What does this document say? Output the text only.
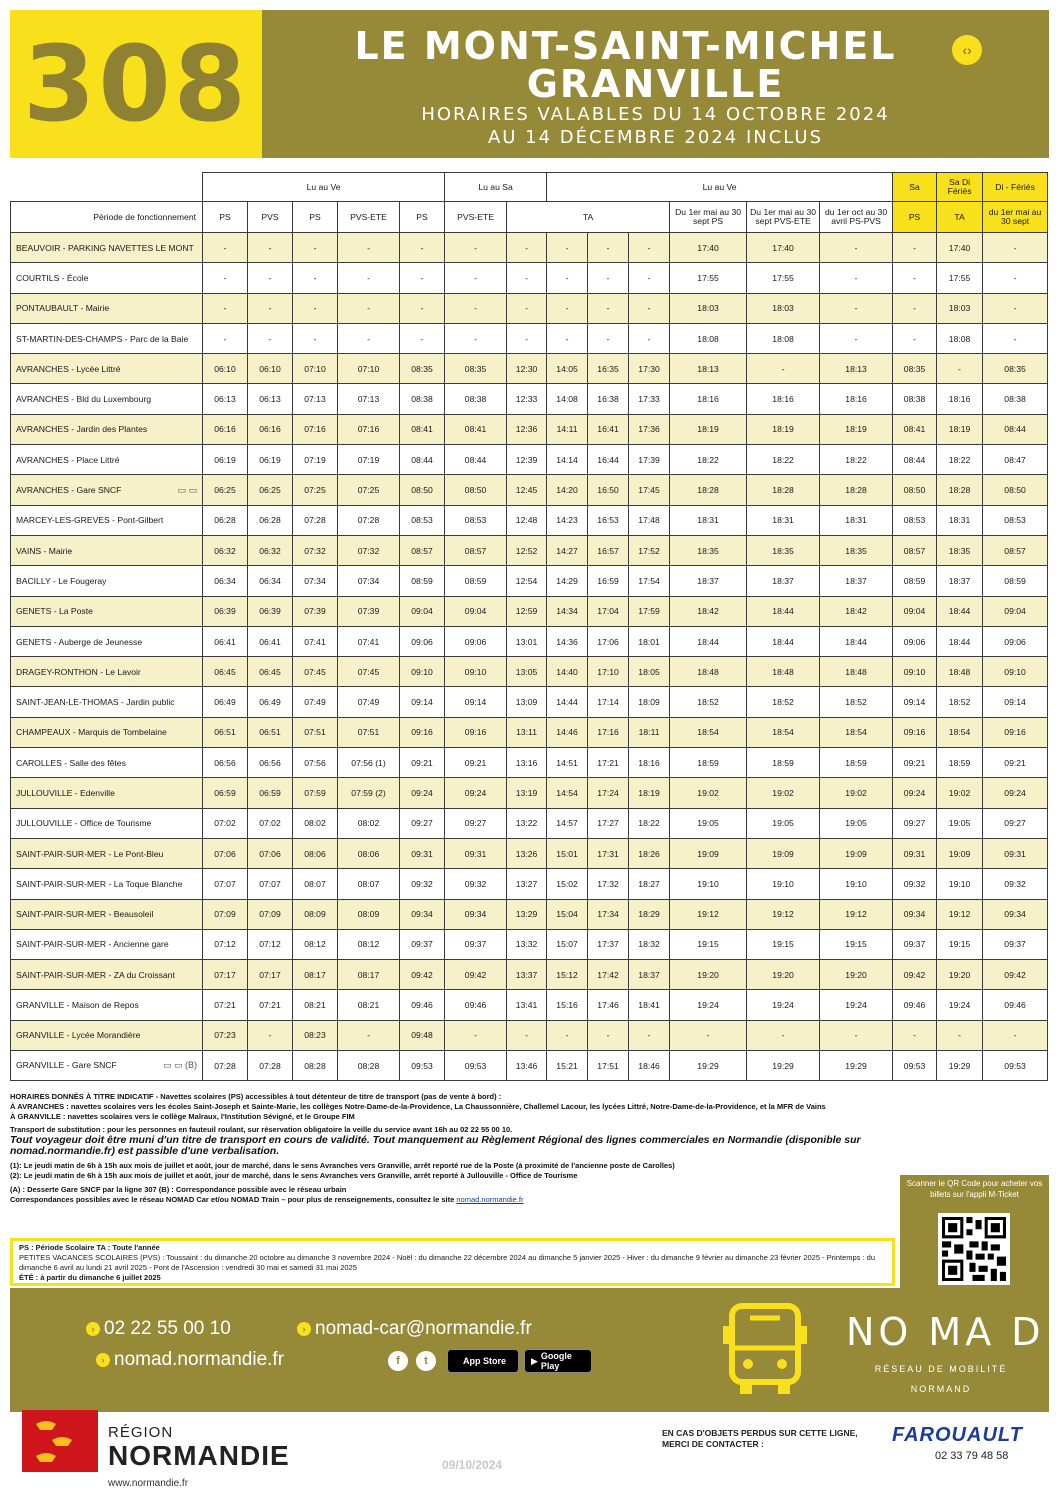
308	LE MONT-SAINT-MICHEL
GRANVILLE
HORAIRES VALABLES DU 14 OCTOBRE 2024
AU 14 DÉCEMBRE 2024 INCLUS
‹›
	Lu au Ve					Lu au Sa		Lu au Ve						Sa	Sa Di Fériés	Di - Fériés
Période de fonctionnement	PS	PVS	PS	PVS-ETE	PS	PVS-ETE	TA				Du 1er mai au 30 sept PS	Du 1er mai au 30 sept PVS-ETE	du 1er oct au 30 avril PS-PVS	PS	TA	du 1er mai au 30 sept
BEAUVOIR - PARKING NAVETTES LE MONT	-	-	-	-	-	-	-	-	-	-	17:40	17:40	-	-	17:40	-
COURTILS - École	-	-	-	-	-	-	-	-	-	-	17:55	17:55	-	-	17:55	-
PONTAUBAULT - Mairie	-	-	-	-	-	-	-	-	-	-	18:03	18:03	-	-	18:03	-
ST-MARTIN-DES-CHAMPS - Parc de la Baie	-	-	-	-	-	-	-	-	-	-	18:08	18:08	-	-	18:08	-
AVRANCHES - Lycée Littré	06:10	06:10	07:10	07:10	08:35	08:35	12:30	14:05	16:35	17:30	18:13	-	18:13	08:35	-	08:35
AVRANCHES - Bld du Luxembourg	06:13	06:13	07:13	07:13	08:38	08:38	12:33	14:08	16:38	17:33	18:16	18:16	18:16	08:38	18:16	08:38
AVRANCHES - Jardin des Plantes	06:16	06:16	07:16	07:16	08:41	08:41	12:36	14:11	16:41	17:36	18:19	18:19	18:19	08:41	18:19	08:44
AVRANCHES - Place Littré	06:19	06:19	07:19	07:19	08:44	08:44	12:39	14:14	16:44	17:39	18:22	18:22	18:22	08:44	18:22	08:47
AVRANCHES - Gare SNCF ▭ ▭	06:25	06:25	07:25	07:25	08:50	08:50	12:45	14:20	16:50	17:45	18:28	18:28	18:28	08:50	18:28	08:50
MARCEY-LES-GREVES - Pont-Gilbert	06:28	06:28	07:28	07:28	08:53	08:53	12:48	14:23	16:53	17:48	18:31	18:31	18:31	08:53	18:31	08:53
VAINS - Mairie	06:32	06:32	07:32	07:32	08:57	08:57	12:52	14:27	16:57	17:52	18:35	18:35	18:35	08:57	18:35	08:57
BACILLY - Le Fougeray	06:34	06:34	07:34	07:34	08:59	08:59	12:54	14:29	16:59	17:54	18:37	18:37	18:37	08:59	18:37	08:59
GENETS - La Poste	06:39	06:39	07:39	07:39	09:04	09:04	12:59	14:34	17:04	17:59	18:42	18:44	18:42	09:04	18:44	09:04
GENETS - Auberge de Jeunesse	06:41	06:41	07:41	07:41	09:06	09:06	13:01	14:36	17:06	18:01	18:44	18:44	18:44	09:06	18:44	09:06
DRAGEY-RONTHON - Le Lavoir	06:45	06:45	07:45	07:45	09:10	09:10	13:05	14:40	17:10	18:05	18:48	18:48	18:48	09:10	18:48	09:10
SAINT-JEAN-LE-THOMAS - Jardin public	06:49	06:49	07:49	07:49	09:14	09:14	13:09	14:44	17:14	18:09	18:52	18:52	18:52	09:14	18:52	09:14
CHAMPEAUX - Marquis de Tombelaine	06:51	06:51	07:51	07:51	09:16	09:16	13:11	14:46	17:16	18:11	18:54	18:54	18:54	09:16	18:54	09:16
CAROLLES - Salle des fêtes	06:56	06:56	07:56	07:56 (1)	09:21	09:21	13:16	14:51	17:21	18:16	18:59	18:59	18:59	09:21	18:59	09:21
JULLOUVILLE - Edenville	06:59	06:59	07:59	07:59 (2)	09:24	09:24	13:19	14:54	17:24	18:19	19:02	19:02	19:02	09:24	19:02	09:24
JULLOUVILLE - Office de Tourisme	07:02	07:02	08:02	08:02	09:27	09:27	13:22	14:57	17:27	18:22	19:05	19:05	19:05	09:27	19:05	09:27
SAINT-PAIR-SUR-MER - Le Pont-Bleu	07:06	07:06	08:06	08:06	09:31	09:31	13:26	15:01	17:31	18:26	19:09	19:09	19:09	09:31	19:09	09:31
SAINT-PAIR-SUR-MER - La Toque Blanche	07:07	07:07	08:07	08:07	09:32	09:32	13:27	15:02	17:32	18:27	19:10	19:10	19:10	09:32	19:10	09:32
SAINT-PAIR-SUR-MER - Beausoleil	07:09	07:09	08:09	08:09	09:34	09:34	13:29	15:04	17:34	18:29	19:12	19:12	19:12	09:34	19:12	09:34
SAINT-PAIR-SUR-MER - Ancienne gare	07:12	07:12	08:12	08:12	09:37	09:37	13:32	15:07	17:37	18:32	19:15	19:15	19:15	09:37	19:15	09:37
SAINT-PAIR-SUR-MER - ZA du Croissant	07:17	07:17	08:17	08:17	09:42	09:42	13:37	15:12	17:42	18:37	19:20	19:20	19:20	09:42	19:20	09:42
GRANVILLE - Maison de Repos	07:21	07:21	08:21	08:21	09:46	09:46	13:41	15:16	17:46	18:41	19:24	19:24	19:24	09:46	19:24	09:46
GRANVILLE - Lycée Morandière	07:23	-	08:23	-	09:48	-	-	-	-	-	-	-	-	-	-	-
GRANVILLE - Gare SNCF ▭ ▭ (B)	07:28	07:28	08:28	08:28	09:53	09:53	13:46	15:21	17:51	18:46	19:29	19:29	19:29	09:53	19:29	09:53

HORAIRES DONNÉS À TITRE INDICATIF - Navettes scolaires (PS) accessibles à tout détenteur de titre de transport (pas de vente à bord) :

À AVRANCHES : navettes scolaires vers les écoles Saint-Joseph et Sainte-Marie, les collèges Notre-Dame-de-la-Providence, La Chaussonnière, Challemel Lacour, les lycées Littré, Notre-Dame-de-la-Providence, et la MFR de Vains

À GRANVILLE : navettes scolaires vers le collège Malraux, l'Institution Sévigné, et le Groupe FIM

Transport de substitution : pour les personnes en fauteuil roulant, sur réservation obligatoire la veille du service avant 16h au 02 22 55 00 10.

Tout voyageur doit être muni d'un titre de transport en cours de validité. Tout manquement au Règlement Régional des lignes commerciales en Normandie (disponible sur nomad.normandie.fr) est passible d'une verbalisation.

(1): Le jeudi matin de 6h à 15h aux mois de juillet et août, jour de marché, dans le sens Avranches vers Granville, arrêt reporté rue de la Poste (à proximité de l'ancienne poste de Carolles)

(2): Le jeudi matin de 6h à 15h aux mois de juillet et août, jour de marché, dans le sens Avranches vers Granville, arrêt reporté à Jullouville - Office de Tourisme

(A) : Desserte Gare SNCF par la ligne 307 (B) : Correspondance possible avec le réseau urbain

Correspondances possibles avec le réseau NOMAD Car et/ou NOMAD Train – pour plus de renseignements, consultez le site nomad.normandie.fr

PS : Période Scolaire TA : Toute l'année

PETITES VACANCES SCOLAIRES (PVS) : Toussaint : du dimanche 20 octobre au dimanche 3 novembre 2024 - Noël : du dimanche 22 décembre 2024 au dimanche 5 janvier 2025 - Hiver : du dimanche 9 février au dimanche 23 février 2025 - Printemps : du dimanche 6 avril au lundi 21 avril 2025 - Pont de l'Ascension : vendredi 30 mai et samedi 31 mai 2025

ÉTÉ : à partir du dimanche 6 juillet 2025

Scanner le QR Code pour acheter vos billets sur l'appli M-Ticket
› 02 22 55 00 10	› nomad-car@normandie.fr
› nomad.normandie.fr	f	t	App Store	▶ Google Play
NO MA D
RÉSEAU DE MOBILITÉ
NORMAND
RÉGION
NORMANDIE
www.normandie.fr
09/10/2024
EN CAS D'OBJETS PERDUS SUR CETTE LIGNE,
MERCI DE CONTACTER :	FAROUAULT
02 33 79 48 58
